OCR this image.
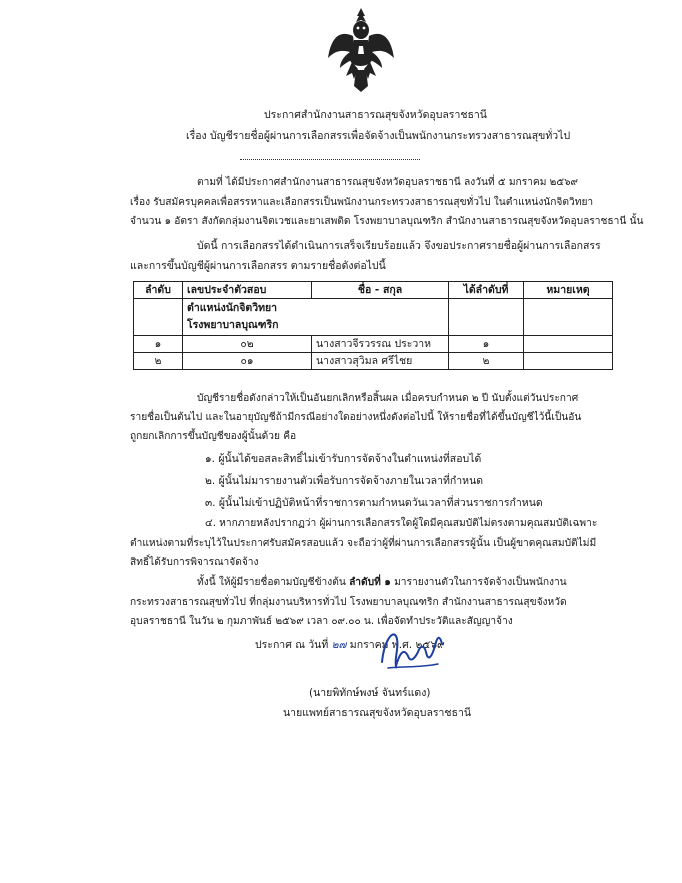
ประกาศสำนักงานสาธารณสุขจังหวัดอุบลราชธานี
เรื่อง บัญชีรายชื่อผู้ผ่านการเลือกสรรเพื่อจัดจ้างเป็นพนักงานกระทรวงสาธารณสุขทั่วไป
ตามที่ ได้มีประกาศสำนักงานสาธารณสุขจังหวัดอุบลราชธานี ลงวันที่ ๕ มกราคม ๒๕๖๙
เรื่อง รับสมัครบุคคลเพื่อสรรหาและเลือกสรรเป็นพนักงานกระทรวงสาธารณสุขทั่วไป ในตำแหน่งนักจิตวิทยา
จำนวน ๑ อัตรา สังกัดกลุ่มงานจิตเวชและยาเสพติด โรงพยาบาลบุณฑริก สำนักงานสาธารณสุขจังหวัดอุบลราชธานี นั้น
บัดนี้ การเลือกสรรได้ดำเนินการเสร็จเรียบร้อยแล้ว จึงขอประกาศรายชื่อผู้ผ่านการเลือกสรร
และการขึ้นบัญชีผู้ผ่านการเลือกสรร ตามรายชื่อดังต่อไปนี้
ลำดับ	เลขประจำตัวสอบ	ชื่อ - สกุล	ได้ลำดับที่	หมายเหตุ

	ตำแหน่งนักจิตวิทยา
โรงพยาบาลบุณฑริก			

๑	๐๒	นางสาวจีรวรรณ ประวาห	๑	
๒	๐๑	นางสาวสุวิมล ศรีไชย	๒	
บัญชีรายชื่อดังกล่าวให้เป็นอันยกเลิกหรือสิ้นผล เมื่อครบกำหนด ๒ ปี นับตั้งแต่วันประกาศ
รายชื่อเป็นต้นไป และในอายุบัญชีถ้ามีกรณีอย่างใดอย่างหนึ่งดังต่อไปนี้ ให้รายชื่อที่ได้ขึ้นบัญชีไว้นี้เป็นอัน
ถูกยกเลิกการขึ้นบัญชีของผู้นั้นด้วย คือ
๑. ผู้นั้นได้ขอสละสิทธิ์ไม่เข้ารับการจัดจ้างในตำแหน่งที่สอบได้
๒. ผู้นั้นไม่มารายงานตัวเพื่อรับการจัดจ้างภายในเวลาที่กำหนด
๓. ผู้นั้นไม่เข้าปฏิบัติหน้าที่ราชการตามกำหนดวันเวลาที่ส่วนราชการกำหนด
๔. หากภายหลังปรากฏว่า ผู้ผ่านการเลือกสรรใดผู้ใดมีคุณสมบัติไม่ตรงตามคุณสมบัติเฉพาะ
ตำแหน่งตามที่ระบุไว้ในประกาศรับสมัครสอบแล้ว จะถือว่าผู้ที่ผ่านการเลือกสรรผู้นั้น เป็นผู้ขาดคุณสมบัติไม่มี
สิทธิ์ได้รับการพิจารณาจัดจ้าง
ทั้งนี้ ให้ผู้มีรายชื่อตามบัญชีข้างต้น ลำดับที่ ๑ มารายงานตัวในการจัดจ้างเป็นพนักงาน
กระทรวงสาธารณสุขทั่วไป ที่กลุ่มงานบริหารทั่วไป โรงพยาบาลบุณฑริก สำนักงานสาธารณสุขจังหวัด
อุบลราชธานี ในวัน ๒ กุมภาพันธ์ ๒๕๖๙ เวลา ๐๙.๐๐ น. เพื่อจัดทำประวัติและสัญญาจ้าง
ประกาศ ณ วันที่ ๒๗ มกราคม พ.ศ. ๒๕๖๙
(นายพิทักษ์พงษ์ จันทร์แดง)
นายแพทย์สาธารณสุขจังหวัดอุบลราชธานี
